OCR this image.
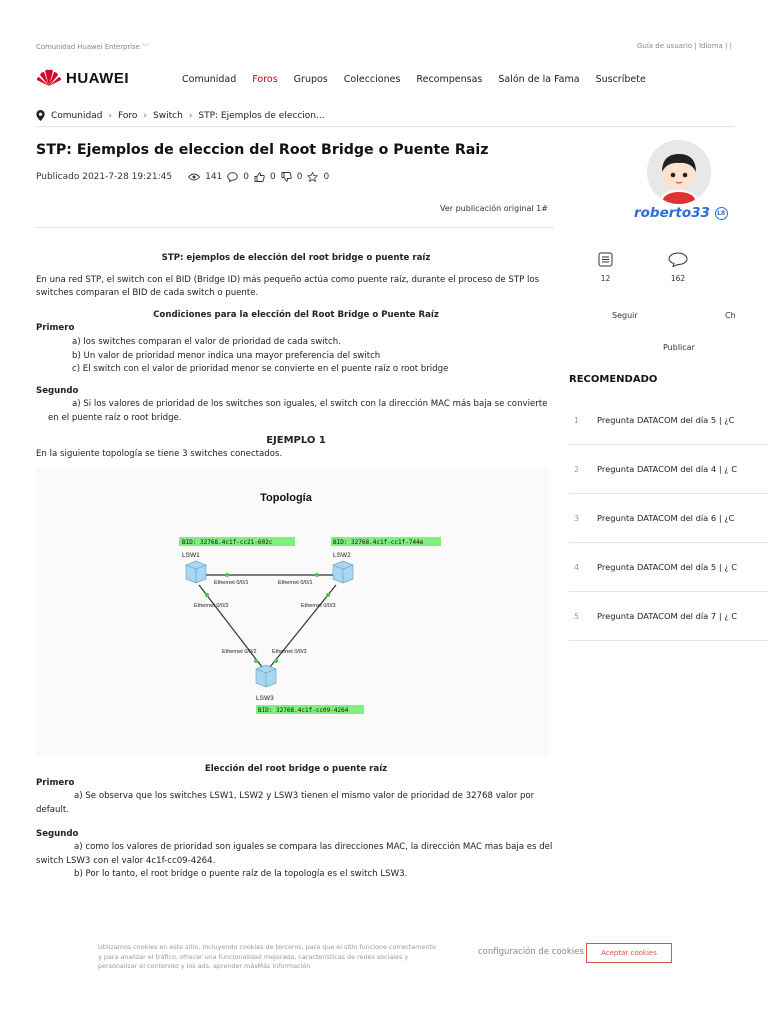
Comunidad Huawei Enterprise ﹀	Guía de usuario | Idioma | |
HUAWEI	Comunidad Foros Grupos Colecciones Recompensas Salón de la Fama Suscríbete
Comunidad › Foro › Switch › STP: Ejemplos de eleccion...
STP: Ejemplos de eleccion del Root Bridge o Puente Raiz
Publicado 2021-7-28 19:21:45	141 0 0 0 0
Ver publicación original 1#
STP: ejemplos de elección del root bridge o puente raíz
En una red STP, el switch con el BID (Bridge ID) más pequeño actúa como puente raíz, durante el proceso de STP los switches comparan el BID de cada switch o puente.
Condiciones para la elección del Root Bridge o Puente Raíz
Primero
a) los switches comparan el valor de prioridad de cada switch.
b) Un valor de prioridad menor indica una mayor preferencia del switch
c) El switch con el valor de prioridad menor se convierte en el puente raíz o root bridge
Segundo
a) Si los valores de prioridad de los switches son iguales, el switch con la dirección MAC más baja se convierte en el puente raíz o root bridge.
EJEMPLO 1
En la siguiente topología se tiene 3 switches conectados.
Topología
BID: 32768.4c1f-cc21-602c	BID: 32768.4c1f-cc1f-744e
BID: 32768.4c1f-cc09-4264
LSW1	LSW2
LSW3
Ethernet 0/0/1	Ethernet 0/0/1
Ethernet 0/0/2	Ethernet 0/0/3
Ethernet 0/0/2	Ethernet 0/0/3
Elección del root bridge o puente raíz
Primero
a) Se observa que los switches LSW1, LSW2 y LSW3 tienen el mismo valor de prioridad de 32768 valor por default.
Segundo
a) como los valores de prioridad son iguales se compara las direcciones MAC, la dirección MAC mas baja es del switch LSW3 con el valor 4c1f-cc09-4264.
b) Por lo tanto, el root bridge o puente raíz de la topología es el switch LSW3.
roberto33 L8
12	162
Seguir	Ch
Publicar
RECOMENDADO
1	Pregunta DATACOM del día 5 | ¿C
2	Pregunta DATACOM del día 4 | ¿ C
3	Pregunta DATACOM del día 6 | ¿C
4	Pregunta DATACOM del día 5 | ¿ C
5	Pregunta DATACOM del día 7 | ¿ C
Utilizamos cookies en este sitio, incluyendo cookies de terceros, para que el sitio funcione correctamente y para analizar el tráfico, ofrecer una funcionalidad mejorada, características de redes sociales y personalizar el contenido y los ads. aprender másMás información
configuración de cookies	Aceptar cookies
